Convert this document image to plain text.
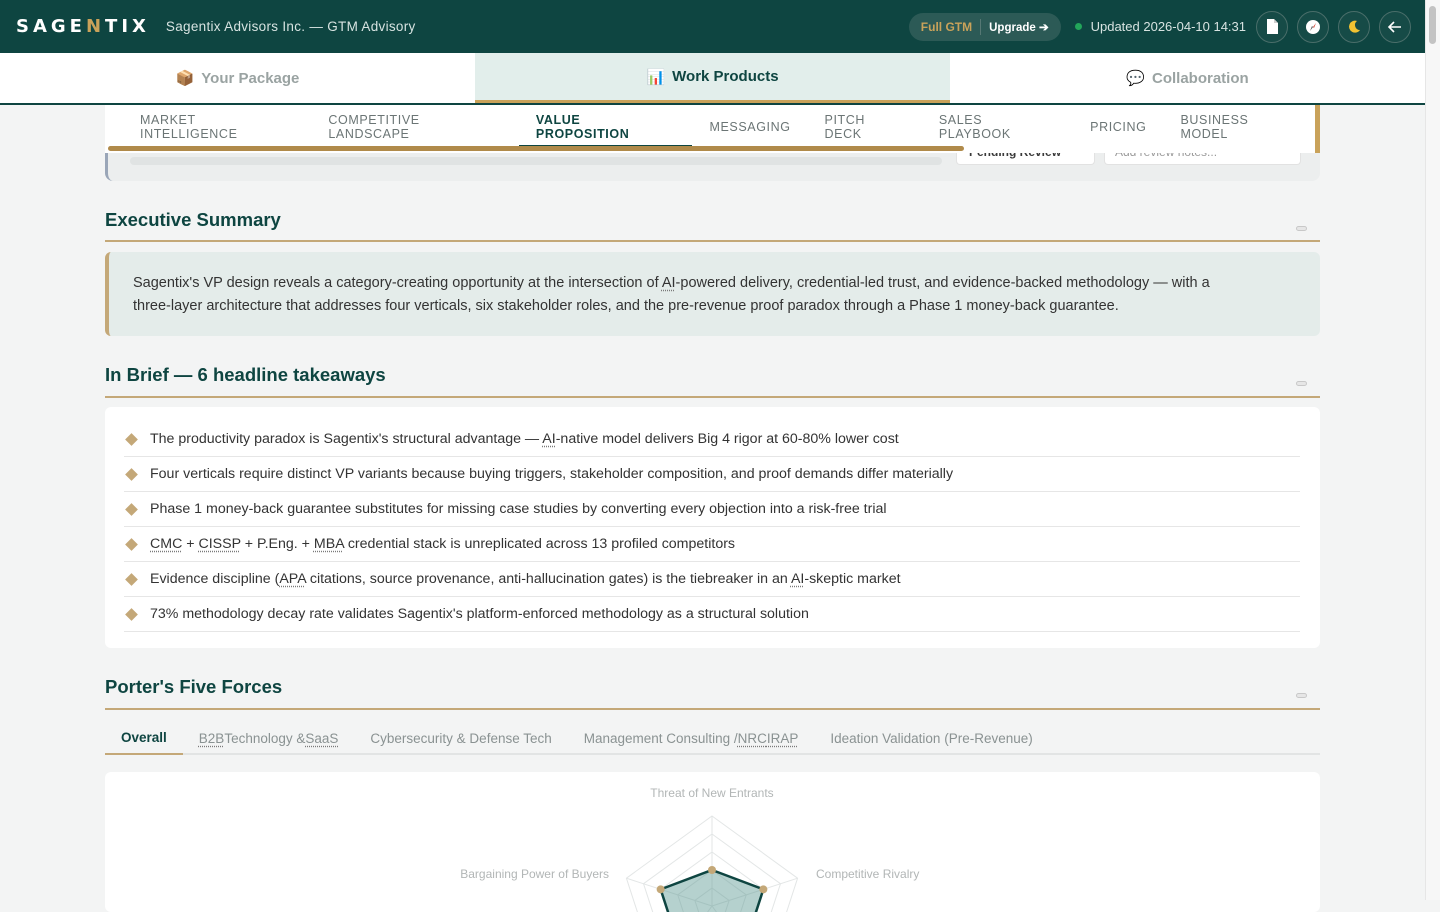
SAGENTIX Sagentix Advisors Inc. — GTM Advisory	Full GTM	Upgrade ➔	Updated 2026-04-10 14:31
📦 Your Package	📊 Work Products	💬 Collaboration
MARKET INTELLIGENCE
COMPETITIVE LANDSCAPE
VALUE PROPOSITION	MESSAGING	PITCH DECK
SALES PLAYBOOK	PRICING	BUSINESS MODEL
Executive Summary
Sagentix's VP design reveals a category-creating opportunity at the intersection of AI-powered delivery, credential-led trust, and evidence-backed methodology — with a
three-layer architecture that addresses four verticals, six stakeholder roles, and the pre-revenue proof paradox through a Phase 1 money-back guarantee.
In Brief — 6 headline takeaways
The productivity paradox is Sagentix's structural advantage — AI-native model delivers Big 4 rigor at 60-80% lower cost
Four verticals require distinct VP variants because buying triggers, stakeholder composition, and proof demands differ materially
Phase 1 money-back guarantee substitutes for missing case studies by converting every objection into a risk-free trial
CMC + CISSP + P.Eng. + MBA credential stack is unreplicated across 13 profiled competitors
Evidence discipline (APA citations, source provenance, anti-hallucination gates) is the tiebreaker in an AI-skeptic market
73% methodology decay rate validates Sagentix's platform-enforced methodology as a structural solution
Porter's Five Forces
Overall B2B Technology & SaaS Cybersecurity & Defense Tech Management Consulting / NRC IRAP Ideation Validation (Pre-Revenue)
Threat of New Entrants
Competitive Rivalry
Bargaining Power of Buyers
